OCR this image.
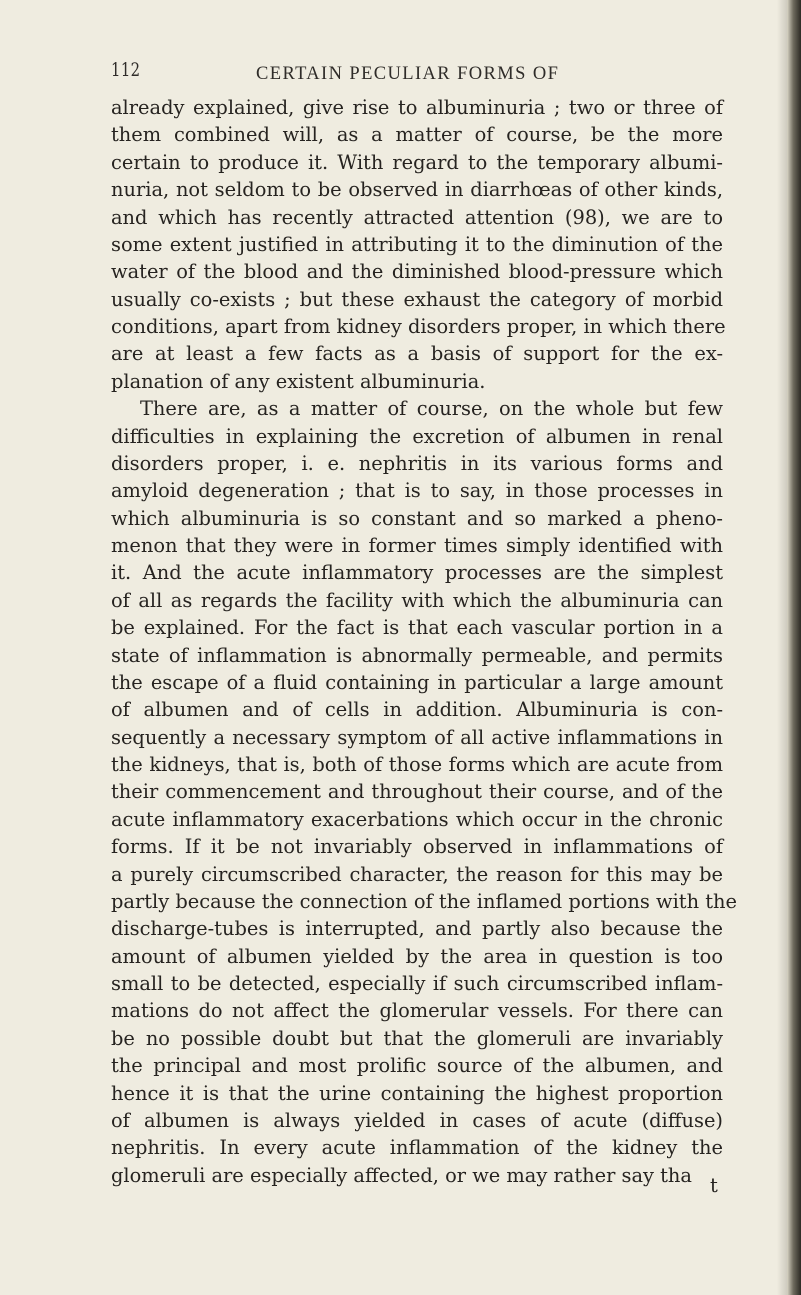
112	CERTAIN PECULIAR FORMS OF
already explained, give rise to albuminuria ; two or three of
them combined will, as a matter of course, be the more
certain to produce it. With regard to the temporary albumi-
nuria, not seldom to be observed in diarrhœas of other kinds,
and which has recently attracted attention (98), we are to
some extent justified in attributing it to the diminution of the
water of the blood and the diminished blood-pressure which
usually co-exists ; but these exhaust the category of morbid
conditions, apart from kidney disorders proper, in which there
are at least a few facts as a basis of support for the ex-
planation of any existent albuminuria.
There are, as a matter of course, on the whole but few
difficulties in explaining the excretion of albumen in renal
disorders proper, i. e. nephritis in its various forms and
amyloid degeneration ; that is to say, in those processes in
which albuminuria is so constant and so marked a pheno-
menon that they were in former times simply identified with
it. And the acute inflammatory processes are the simplest
of all as regards the facility with which the albuminuria can
be explained. For the fact is that each vascular portion in a
state of inflammation is abnormally permeable, and permits
the escape of a fluid containing in particular a large amount
of albumen and of cells in addition. Albuminuria is con-
sequently a necessary symptom of all active inflammations in
the kidneys, that is, both of those forms which are acute from
their commencement and throughout their course, and of the
acute inflammatory exacerbations which occur in the chronic
forms. If it be not invariably observed in inflammations of
a purely circumscribed character, the reason for this may be
partly because the connection of the inflamed portions with the
discharge-tubes is interrupted, and partly also because the
amount of albumen yielded by the area in question is too
small to be detected, especially if such circumscribed inflam-
mations do not affect the glomerular vessels. For there can
be no possible doubt but that the glomeruli are invariably
the principal and most prolific source of the albumen, and
hence it is that the urine containing the highest proportion
of albumen is always yielded in cases of acute (diffuse)
nephritis. In every acute inflammation of the kidney the
glomeruli are especially affected, or we may rather say tha t
